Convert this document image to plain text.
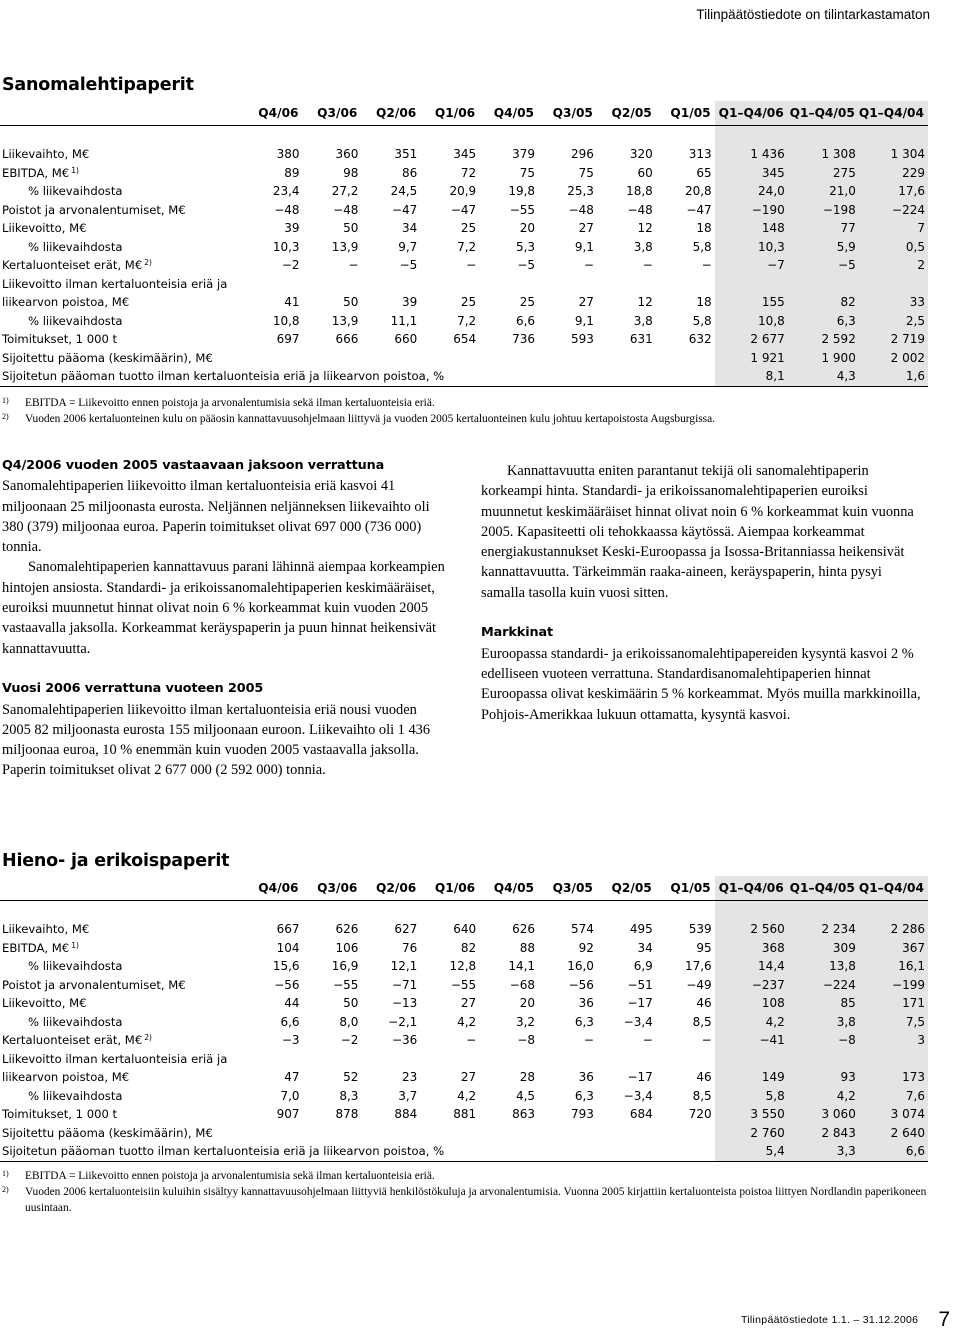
Tilinpäätöstiedote on tilintarkastamaton
Sanomalehtipaperit
	Q4/06	Q3/06	Q2/06	Q1/06	Q4/05	Q3/05	Q2/05	Q1/05	Q1–Q4/06	Q1–Q4/05	Q1–Q4/04

Liikevaihto, M€	380	360	351	345	379	296	320	313	1 436	1 308	1 304
EBITDA, M€ $^{1)}$	89	98	86	72	75	75	60	65	345	275	229
% liikevaihdosta	23,4	27,2	24,5	20,9	19,8	25,3	18,8	20,8	24,0	21,0	17,6
Poistot ja arvonalentumiset, M€	−48	−48	−47	−47	−55	−48	−48	−47	−190	−198	−224
Liikevoitto, M€	39	50	34	25	20	27	12	18	148	77	7
% liikevaihdosta	10,3	13,9	9,7	7,2	5,3	9,1	3,8	5,8	10,3	5,9	0,5
Kertaluonteiset erät, M€ $^{2)}$	−2	−	−5	−	−5	−	−	−	−7	−5	2
Liikevoitto ilman kertaluonteisia eriä ja											
liikearvon poistoa, M€	41	50	39	25	25	27	12	18	155	82	33
% liikevaihdosta	10,8	13,9	11,1	7,2	6,6	9,1	3,8	5,8	10,8	6,3	2,5
Toimitukset, 1 000 t	697	666	660	654	736	593	631	632	2 677	2 592	2 719
Sijoitettu pääoma (keskimäärin), M€									1 921	1 900	2 002
Sijoitetun pääoman tuotto ilman kertaluonteisia eriä ja liikearvon poistoa, %									8,1	4,3	1,6
1)	EBITDA = Liikevoitto ennen poistoja ja arvonalentumisia sekä ilman kertaluonteisia eriä.
2)	Vuoden 2006 kertaluonteinen kulu on pääosin kannattavuusohjelmaan liittyvä ja vuoden 2005 kertaluonteinen kulu johtuu kertapoistosta Augsburgissa.
Q4/2006 vuoden 2005 vastaavaan jaksoon verrattuna

Sanomalehtipaperien liikevoitto ilman kertaluonteisia eriä kasvoi 41 miljoonaan 25 miljoonasta eurosta. Neljännen neljänneksen liikevaihto oli 380 (379) miljoonaa euroa. Paperin toimitukset olivat 697 000 (736 000) tonnia.

Sanomalehtipaperien kannattavuus parani lähinnä aiempaa korkeampien hintojen ansiosta. Standardi- ja erikoissanomalehtipaperien keskimääräiset, euroiksi muunnetut hinnat olivat noin 6 % korkeammat kuin vuoden 2005 vastaavalla jaksolla. Korkeammat keräyspaperin ja puun hinnat heikensivät kannattavuutta.

Vuosi 2006 verrattuna vuoteen 2005

Sanomalehtipaperien liikevoitto ilman kertaluonteisia eriä nousi vuoden 2005 82 miljoonasta eurosta 155 miljoonaan euroon. Liikevaihto oli 1 436 miljoonaa euroa, 10 % enemmän kuin vuoden 2005 vastaavalla jaksolla. Paperin toimitukset olivat 2 677 000 (2 592 000) tonnia.

Kannattavuutta eniten parantanut tekijä oli sanomalehtipaperin korkeampi hinta. Standardi- ja erikoissanomalehtipaperien euroiksi muunnetut keskimääräiset hinnat olivat noin 6 % korkeammat kuin vuonna 2005. Kapasiteetti oli tehokkaassa käytössä. Aiempaa korkeammat energiakustannukset Keski-Euroopassa ja Isossa-Britanniassa heikensivät kannattavuutta. Tärkeimmän raaka-aineen, keräyspaperin, hinta pysyi samalla tasolla kuin vuosi sitten.

Markkinat

Euroopassa standardi- ja erikoissanomalehtipapereiden kysyntä kasvoi 2 % edelliseen vuoteen verrattuna. Standardisanomalehtipaperien hinnat Euroopassa olivat keskimäärin 5 % korkeammat. Myös muilla markkinoilla, Pohjois-Amerikkaa lukuun ottamatta, kysyntä kasvoi.

Hieno- ja erikoispaperit
	Q4/06	Q3/06	Q2/06	Q1/06	Q4/05	Q3/05	Q2/05	Q1/05	Q1–Q4/06	Q1–Q4/05	Q1–Q4/04

Liikevaihto, M€	667	626	627	640	626	574	495	539	2 560	2 234	2 286
EBITDA, M€ $^{1)}$	104	106	76	82	88	92	34	95	368	309	367
% liikevaihdosta	15,6	16,9	12,1	12,8	14,1	16,0	6,9	17,6	14,4	13,8	16,1
Poistot ja arvonalentumiset, M€	−56	−55	−71	−55	−68	−56	−51	−49	−237	−224	−199
Liikevoitto, M€	44	50	−13	27	20	36	−17	46	108	85	171
% liikevaihdosta	6,6	8,0	−2,1	4,2	3,2	6,3	−3,4	8,5	4,2	3,8	7,5
Kertaluonteiset erät, M€ $^{2)}$	−3	−2	−36	−	−8	−	−	−	−41	−8	3
Liikevoitto ilman kertaluonteisia eriä ja											
liikearvon poistoa, M€	47	52	23	27	28	36	−17	46	149	93	173
% liikevaihdosta	7,0	8,3	3,7	4,2	4,5	6,3	−3,4	8,5	5,8	4,2	7,6
Toimitukset, 1 000 t	907	878	884	881	863	793	684	720	3 550	3 060	3 074
Sijoitettu pääoma (keskimäärin), M€									2 760	2 843	2 640
Sijoitetun pääoman tuotto ilman kertaluonteisia eriä ja liikearvon poistoa, %									5,4	3,3	6,6
1)	EBITDA = Liikevoitto ennen poistoja ja arvonalentumisia sekä ilman kertaluonteisia eriä.
2)	Vuoden 2006 kertaluonteisiin kuluihin sisältyy kannattavuusohjelmaan liittyviä henkilöstökuluja ja arvonalentumisia. Vuonna 2005 kirjattiin kertaluonteista poistoa liittyen Nordlandin paperikoneen uusintaan.
Tilinpäätöstiedote 1.1. – 31.12.2006 7
